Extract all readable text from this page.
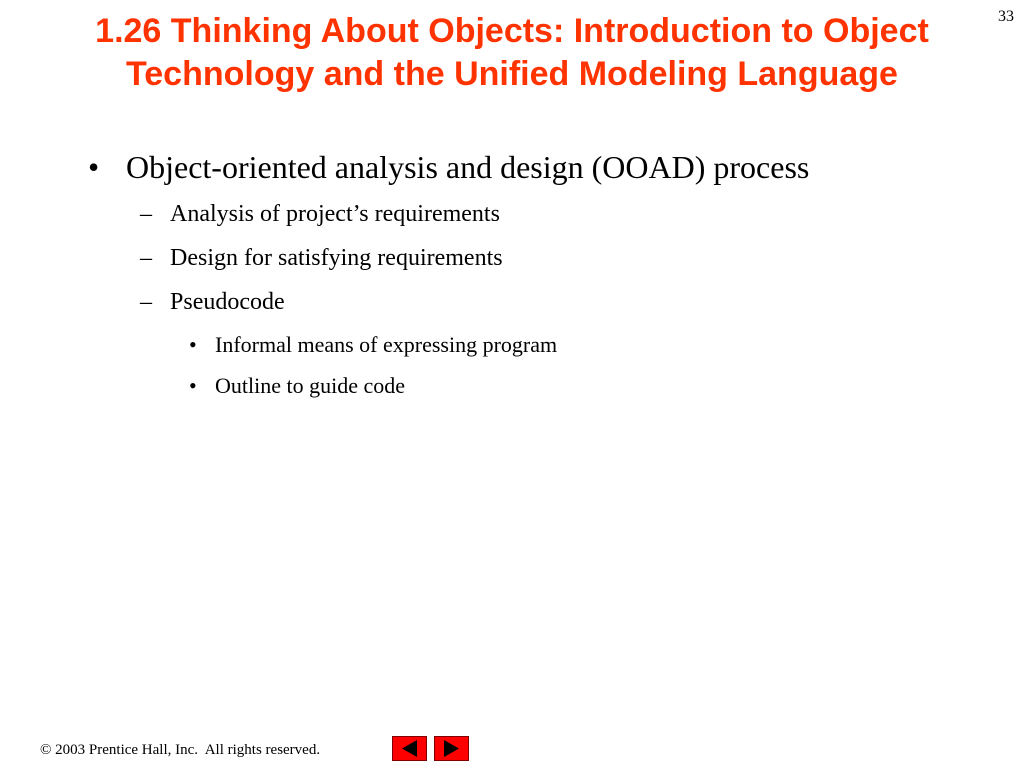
33
1.26 Thinking About Objects: Introduction to Object Technology and the Unified Modeling Language
• Object-oriented analysis and design (OOAD) process
– Analysis of project’s requirements
– Design for satisfying requirements
– Pseudocode
• Informal means of expressing program
• Outline to guide code
© 2003 Prentice Hall, Inc.  All rights reserved.
